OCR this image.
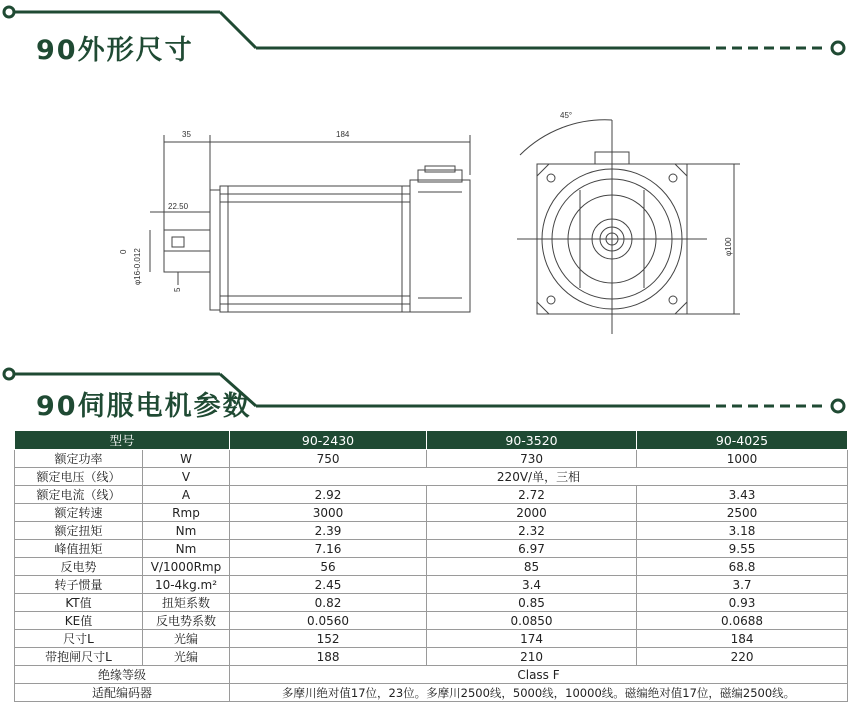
90外形尺寸
35	184
22.50
φ16-0.012
0
5
45°
φ100
90伺服电机参数
型号		90-2430	90-3520	90-4025
额定功率	W	750	730	1000
额定电压（线）	V	220V/单，三相		
额定电流（线）	A	2.92	2.72	3.43
额定转速	Rmp	3000	2000	2500
额定扭矩	Nm	2.39	2.32	3.18
峰值扭矩	Nm	7.16	6.97	9.55
反电势	V/1000Rmp	56	85	68.8
转子惯量	10-4kg.m²	2.45	3.4	3.7
KT值	扭矩系数	0.82	0.85	0.93
KE值	反电势系数	0.0560	0.0850	0.0688
尺寸L	光编	152	174	184
带抱闸尺寸L	光编	188	210	220
绝缘等级		Class F		
适配编码器		多摩川绝对值17位，23位。多摩川2500线，5000线，10000线。磁编绝对值17位，磁编2500线。		
